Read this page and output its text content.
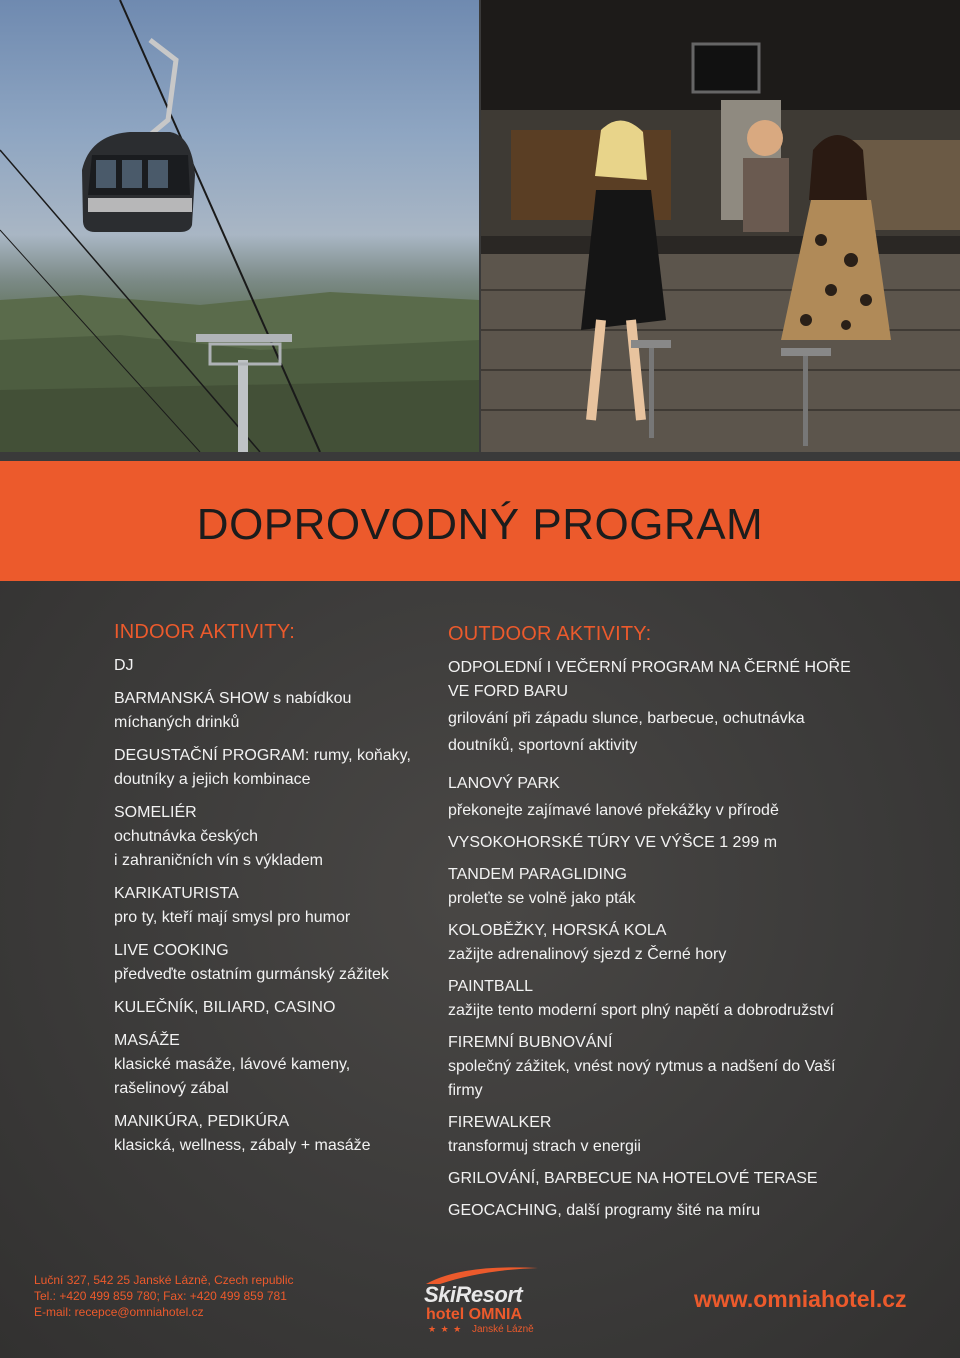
DOPROVODNÝ PROGRAM
INDOOR AKTIVITY:
DJ
BARMANSKÁ SHOW s nabídkou
míchaných drinků
DEGUSTAČNÍ PROGRAM: rumy, koňaky,
doutníky a jejich kombinace
SOMELIÉR
ochutnávka českých
i zahraničních vín s výkladem
KARIKATURISTA
pro ty, kteří mají smysl pro humor
LIVE COOKING
předveďte ostatním gurmánský zážitek
KULEČNÍK, BILIARD, CASINO
MASÁŽE
klasické masáže, lávové kameny,
rašelinový zábal
MANIKÚRA, PEDIKÚRA
klasická, wellness, zábaly + masáže
OUTDOOR AKTIVITY:
ODPOLEDNÍ I VEČERNÍ PROGRAM NA ČERNÉ HOŘE
VE FORD BARU
grilování při západu slunce, barbecue, ochutnávka
doutníků, sportovní aktivity
LANOVÝ PARK
překonejte zajímavé lanové překážky v přírodě
VYSOKOHORSKÉ TÚRY VE VÝŠCE 1 299 m
TANDEM PARAGLIDING
proleťte se volně jako pták
KOLOBĚŽKY, HORSKÁ KOLA
zažijte adrenalinový sjezd z Černé hory
PAINTBALL
zažijte tento moderní sport plný napětí a dobrodružství
FIREMNÍ BUBNOVÁNÍ
společný zážitek, vnést nový rytmus a nadšení do Vaší
firmy
FIREWALKER
transformuj strach v energii
GRILOVÁNÍ, BARBECUE NA HOTELOVÉ TERASE
GEOCACHING, další programy šité na míru
Luční 327, 542 25 Janské Lázně, Czech republic
Tel.: +420 499 859 780; Fax: +420 499 859 781
E-mail: recepce@omniahotel.cz
SkiResort
hotel OMNIA
★ ★ ★ Janské Lázně
www.omniahotel.cz
